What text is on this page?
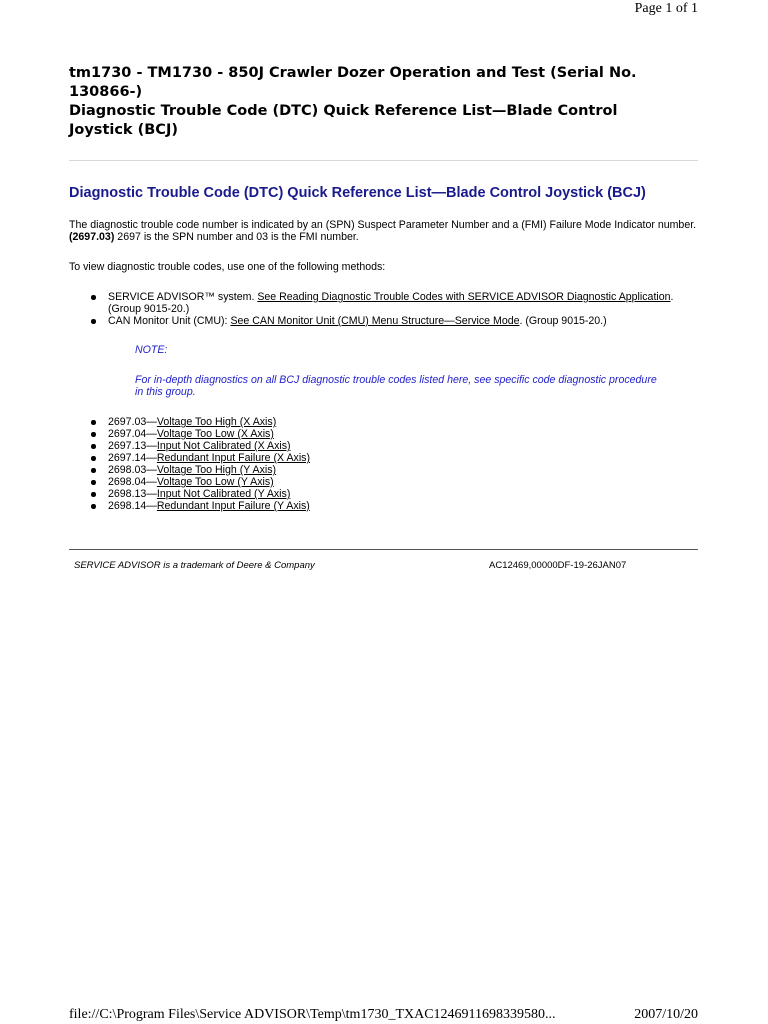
Page 1 of 1
tm1730 - TM1730 - 850J Crawler Dozer Operation and Test (Serial No.
130866-)
Diagnostic Trouble Code (DTC) Quick Reference List—Blade Control
Joystick (BCJ)
Diagnostic Trouble Code (DTC) Quick Reference List—Blade Control Joystick (BCJ)

The diagnostic trouble code number is indicated by an (SPN) Suspect Parameter Number and a (FMI) Failure Mode Indicator number. (2697.03) 2697 is the SPN number and 03 is the FMI number.

To view diagnostic trouble codes, use one of the following methods:

SERVICE ADVISOR™ system. See Reading Diagnostic Trouble Codes with SERVICE ADVISOR Diagnostic Application. (Group 9015-20.)
CAN Monitor Unit (CMU): See CAN Monitor Unit (CMU) Menu Structure—Service Mode. (Group 9015-20.)
NOTE:
For in-depth diagnostics on all BCJ diagnostic trouble codes listed here, see specific code diagnostic procedure in this group.
2697.03—Voltage Too High (X Axis)
2697.04—Voltage Too Low (X Axis)
2697.13—Input Not Calibrated (X Axis)
2697.14—Redundant Input Failure (X Axis)
2698.03—Voltage Too High (Y Axis)
2698.04—Voltage Too Low (Y Axis)
2698.13—Input Not Calibrated (Y Axis)
2698.14—Redundant Input Failure (Y Axis)
SERVICE ADVISOR is a trademark of Deere & Company	AC12469,00000DF-19-26JAN07
file://C:\Program Files\Service ADVISOR\Temp\tm1730_TXAC1246911698339580...	2007/10/20
